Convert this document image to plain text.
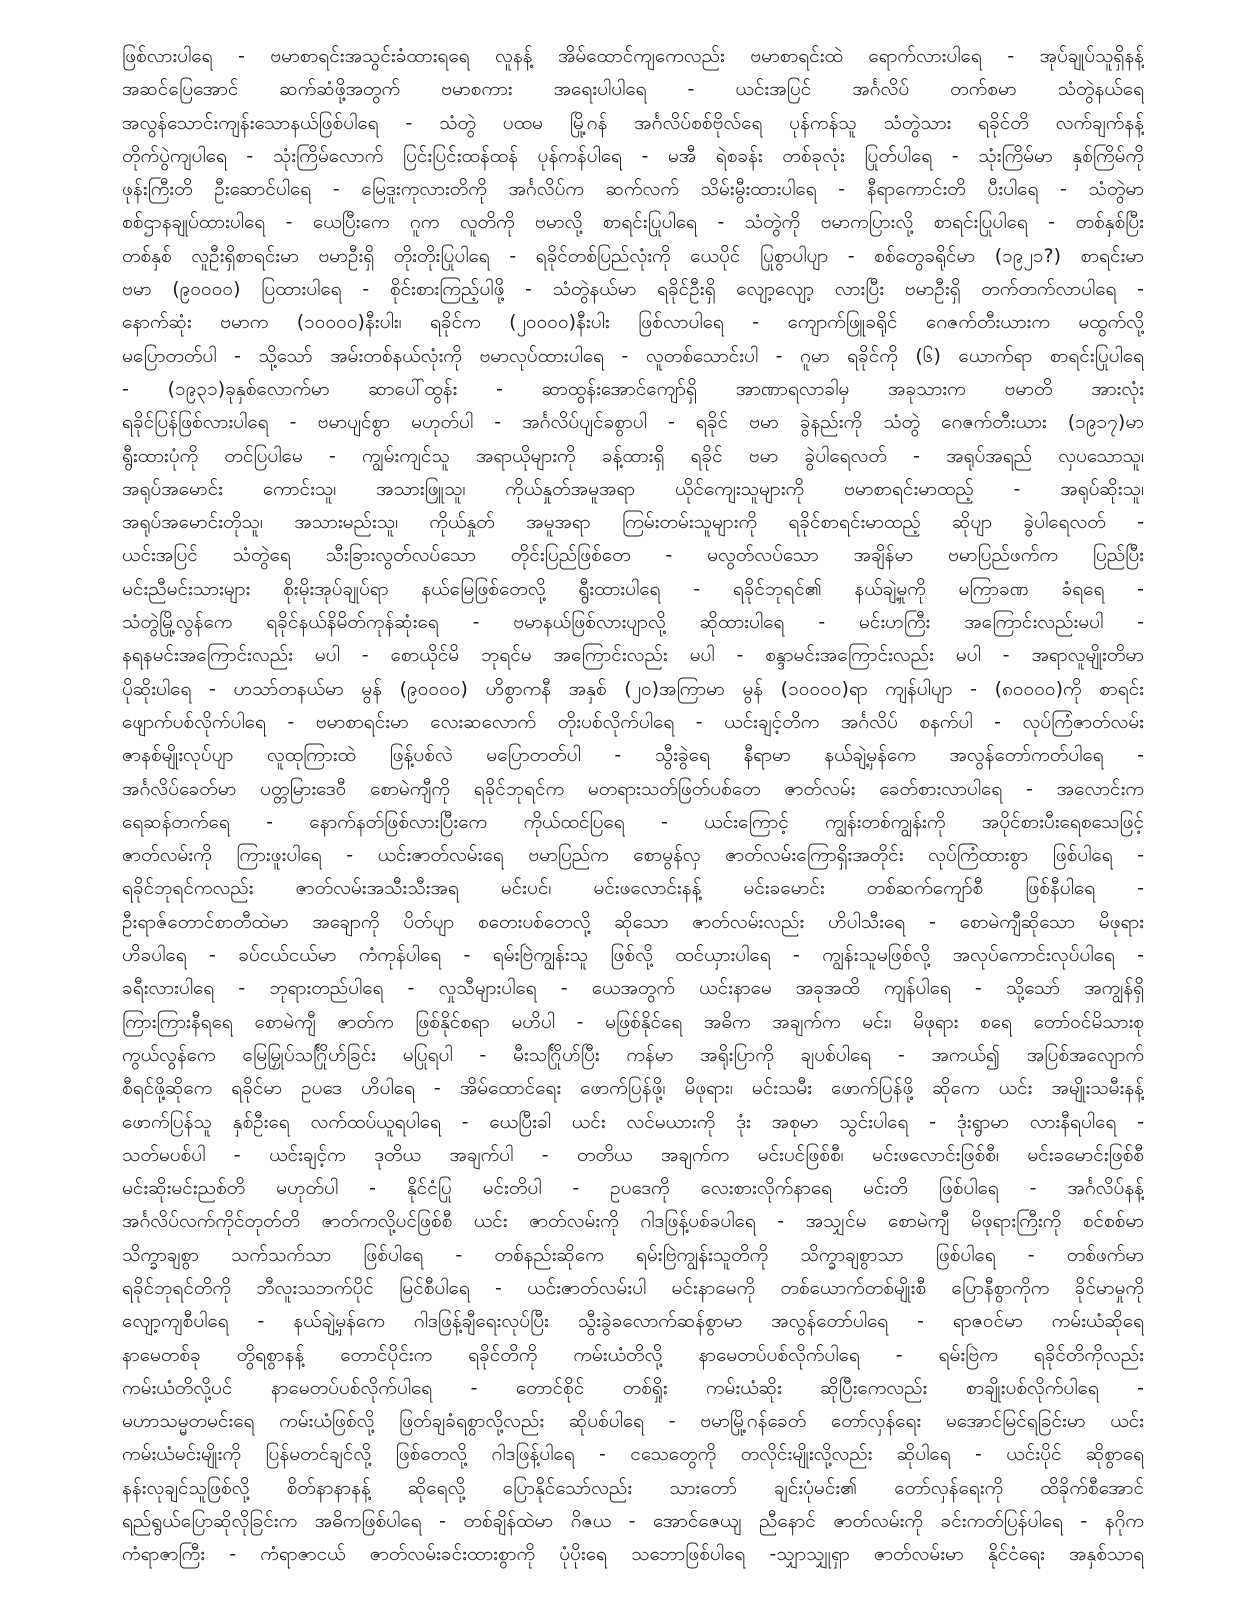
ဖြစ်လားပါရေ - ဗမာစာရင်းအသွင်းခံထားရရေ လူနန့် အိမ်ထောင်ကျကေလည်း ဗမာစာရင်းထဲ ရောက်လားပါရေ - အုပ်ချုပ်သူရှိနန့်
အဆင်ပြေအောင် ဆက်ဆံဖို့အတွက် ဗမာစကား အရေးပါပါရေ - ယင်းအပြင် အင်္ဂလိပ် တက်စမာ သံတွဲနယ်ရေ
အလွန်သောင်းကျန်းသောနယ်ဖြစ်ပါရေ - သံတွဲ ပထမ မြို့ဂန် အင်္ဂလိပ်စစ်ဗိုလ်ရေ ပုန်ကန်သူ သံတွဲသား ရခိုင်တိ လက်ချက်နန့်
တိုက်ပွဲကျပါရေ - သုံးကြိမ်လောက် ပြင်းပြင်းထန်ထန် ပုန်ကန်ပါရေ - မအီ ရဲစခန်း တစ်ခုလုံး ပြုတ်ပါရေ - သုံးကြိမ်မာ နှစ်ကြိမ်ကို
ဖုန်းကြီးတိ ဦးဆောင်ပါရေ - မြေဒူးကုလားတိကို အင်္ဂလိပ်က ဆက်လက် သိမ်းမွီးထားပါရေ - နီရာကောင်းတိ ပီးပါရေ - သံတွဲမာ
စစ်ဌာနချုပ်ထားပါရေ - ယေပြီးကေ ဂူက လူတိကို ဗမာလို့ စာရင်းပြုပါရေ - သံတွဲကို ဗမာကပြားလို့ စာရင်းပြုပါရေ - တစ်နှစ်ပြီး
တစ်နှစ် လူဦးရှိစာရင်းမာ ဗမာဦးရှိ တိုးတိုးပြုပါရေ - ရခိုင်တစ်ပြည်လုံးကို ယေပိုင် ပြုစွာပါပျာ - စစ်တွေခရိုင်မာ (၁၉၂၁?) စာရင်းမာ
ဗမာ (၉၀၀၀၀) ပြထားပါရေ - စိုင်းစားကြည့်ပါဖို့ - သံတွဲနယ်မာ ရခိုင်ဦးရှိ လျော့လျော့ လားပြီး ဗမာဦးရှိ တက်တက်လာပါရေ -
နောက်ဆုံး ဗမာက (၁၀၀၀၀)နီးပါး၊ ရခိုင်က (၂၀၀၀၀)နီးပါး ဖြစ်လာပါရေ - ကျောက်ဖြူခရိုင် ဂေဇက်တီးယားက မထွက်လို့
မပြောတတ်ပါ - သို့သော် အမ်းတစ်နယ်လုံးကို ဗမာလုပ်ထားပါရေ - လူတစ်သောင်းပါ - ဂူမာ ရခိုင်ကို (၆) ယောက်ရာ စာရင်းပြုပါရေ
- (၁၉၃၁)ခုနှစ်လောက်မာ ဆာပေါ်ထွန်း - ဆာထွန်းအောင်ကျော်ရှိ အာဏာရလာခါမှ အခုသားက ဗမာတိ အားလုံး
ရခိုင်ပြန်ဖြစ်လားပါရေ - ဗမာပျင်စွာ မဟုတ်ပါ - အင်္ဂလိပ်ပျင်ခစွာပါ - ရခိုင် ဗမာ ခွဲနည်းကို သံတွဲ ဂေဇက်တီးယား (၁၉၁၇)မာ
ရွီးထားပုံကို တင်ပြပါမေ - ကျွမ်းကျင်သူ အရာယိုများကို ခန့်ထားရှိ ရခိုင် ဗမာ ခွဲပါရေလတ် - အရုပ်အရည် လှပသောသူ၊
အရုပ်အမောင်း ကောင်းသူ၊ အသားဖြူသူ၊ ကိုယ်နှုတ်အမူအရာ ယိုင်ကျေးသူများကို ဗမာစာရင်းမာထည့် - အရုပ်ဆိုးသူ၊
အရုပ်အမောင်းတိုသူ၊ အသားမည်းသူ၊ ကိုယ်နှုတ် အမူအရာ ကြမ်းတမ်းသူများကို ရခိုင်စာရင်းမာထည့် ဆိုပျာ ခွဲပါရေလတ် -
ယင်းအပြင် သံတွဲရေ သီးခြားလွတ်လပ်သော တိုင်းပြည်ဖြစ်တေ - မလွတ်လပ်သော အချိန်မာ ဗမာပြည်ဖက်က ပြည်ပြီး
မင်းညီမင်းသားများ စိုးမိုးအုပ်ချုပ်ရာ နယ်မြေဖြစ်တေလို့ ရွီးထားပါရေ - ရခိုင်ဘုရင်၏ နယ်ချဲ့မှုကို မကြာခဏ ခံရရေ -
သံတွဲမြို့လွန်ကေ ရခိုင်နယ်နိမိတ်ကုန်ဆုံးရေ - ဗမာနယ်ဖြစ်လားပျာလို့ ဆိုထားပါရေ - မင်းဟကြီး အကြောင်းလည်းမပါ -
နရနမင်းအကြောင်းလည်း မပါ - စောယိုင်မိ ဘုရင်မ အကြောင်းလည်း မပါ - စန္ဒာမင်းအကြောင်းလည်း မပါ - အရာလူမျိုးတိမာ
ပိုဆိုးပါရေ - ဟသာ်တနယ်မာ မွန် (၉၀၀၀၀) ဟိစွာကနီ အနှစ် (၂၀)အကြာမာ မွန် (၁၀၀၀၀)ရာ ကျန်ပါပျာ - (၈၀၀၀၀)ကို စာရင်း
ဖျောက်ပစ်လိုက်ပါရေ - ဗမာစာရင်းမာ လေးဆလောက် တိုးပစ်လိုက်ပါရေ - ယင်းချင့်တိက အင်္ဂလိပ် စနက်ပါ - လုပ်ကြံဇာတ်လမ်း
ဇာနစ်မျိုးလုပ်ပျာ လူထုကြားထဲ ဖြန့်ပစ်လဲ မပြောတတ်ပါ - သွီးခွဲရေ နီရာမာ နယ်ချဲ့မှန်ကေ အလွန်တော်ကတ်ပါရေ -
အင်္ဂလိပ်ခေတ်မာ ပတ္တမြားဒေဝီ စောမဲကျီကို ရခိုင်ဘုရင်က မတရားသတ်ဖြတ်ပစ်တေ ဇာတ်လမ်း ခေတ်စားလာပါရေ - အလောင်းက
ရေဆန်တက်ရေ - နောက်နတ်ဖြစ်လားပြီးကေ ကိုယ်ထင်ပြရေ - ယင်းကြောင့် ကျွန်းတစ်ကျွန်းကို အပိုင်စားပီးရေစသေဖြင့်
ဇာတ်လမ်းကို ကြားဖူးပါရေ - ယင်းဇာတ်လမ်းရေ ဗမာပြည်က စောမွန်လှ ဇာတ်လမ်းကြောရှိးအတိုင်း လုပ်ကြံထားစွာ ဖြစ်ပါရေ -
ရခိုင်ဘုရင်ကလည်း ဇာတ်လမ်းအသီးသီးအရ မင်းပင်၊ မင်းဖလောင်းနန့် မင်းခမောင်း တစ်ဆက်ကျော်စီ ဖြစ်နီပါရေ -
ဦးရာဇ်တောင်စာတီထဲမာ အချောကို ပိတ်ပျာ စတေးပစ်တေလို့ ဆိုသော ဇာတ်လမ်းလည်း ဟိပါသီးရေ - စောမဲကျီဆိုသော မိဖုရား
ဟိခပါရေ - ခပ်ငယ်ငယ်မာ ကံကုန်ပါရေ - ရမ်းဗြဲကျွန်းသူ ဖြစ်လို့ ထင်ယှားပါရေ - ကျွန်းသူမဖြစ်လို့ အလုပ်ကောင်းလုပ်ပါရေ -
ခရီးလားပါရေ - ဘုရားတည်ပါရေ - လှုသီများပါရေ - ယေအတွက် ယင်းနာမေ အခုအထိ ကျန်ပါရေ - သို့သော် အကျွန်ရှိ
ကြားကြားနီရရေ စောမဲကျီ ဇာတ်က ဖြစ်နိုင်စရာ မဟိပါ - မဖြစ်နိုင်ရေ အဓိက အချက်က မင်း၊ မိဖုရား စရေ တော်ဝင်မိသားစု
ကွယ်လွန်ကေ မြေမြှုပ်သင်္ဂြိုဟ်ခြင်း မပြုရပါ - မီးသင်္ဂြိုဟ်ပြီး ကန်မာ အရိုးပြာကို ချပစ်ပါရေ - အကယ်၍ အပြစ်အလျောက်
စီရင်ဖို့ဆိုကေ ရခိုင်မာ ဥပဒေ ဟိပါရေ - အိမ်ထောင်ရေး ဖောက်ပြန်ဖို့၊ မိဖုရား၊ မင်းသမီး ဖောက်ပြန်ဖို့ ဆိုကေ ယင်း အမျိုးသမီးနန့်
ဖောက်ပြန်သူ နှစ်ဦးရေ လက်ထပ်ယူရပါရေ - ယေပြီးခါ ယင်း လင်မယားကို ဒုံး အစုမာ သွင်းပါရေ - ဒုံးရွာမာ လားနီရပါရေ -
သတ်မပစ်ပါ - ယင်းချင့်က ဒုတိယ အချက်ပါ - တတိယ အချက်က မင်းပင်ဖြစ်စီ၊ မင်းဖလောင်းဖြစ်စီ၊ မင်းခမောင်းဖြစ်စီ
မင်းဆိုးမင်းညစ်တိ မဟုတ်ပါ - နိုင်ငံပြု မင်းတိပါ - ဥပဒေကို လေးစားလိုက်နာရေ မင်းတိ ဖြစ်ပါရေ - အင်္ဂလိပ်နန့်
အင်္ဂလိပ်လက်ကိုင်တုတ်တိ ဇာတ်ကလို့ပင်ဖြစ်စီ ယင်း ဇာတ်လမ်းကို ဂါဒဖြန့်ပစ်ခပါရေ - အသျှင်မ စောမဲကျီ မိဖုရားကြီးကို စင်စစ်မာ
သိက္ခာချစွာ သက်သက်သာ ဖြစ်ပါရေ - တစ်နည်းဆိုကေ ရမ်းဗြဲကျွန်းသူတိကို သိက္ခာချစွာသာ ဖြစ်ပါရေ - တစ်ဖက်မာ
ရခိုင်ဘုရင်တိကို ဘီလူးသဘက်ပိုင် မြင်စီပါရေ - ယင်းဇာတ်လမ်းပါ မင်းနာမေကို တစ်ယောက်တစ်မျိုးစီ ပြောနီစွာကိုက ခိုင်မာမှုကို
လျော့ကျစီပါရေ - နယ်ချဲ့မှန်ကေ ဂါဒဖြန့်ချီရေးလုပ်ပြီး သွီးခွဲခလောက်ဆန်စွာမာ အလွန်တော်ပါရေ - ရာဇဝင်မာ ကမ်းယံဆိုရေ
နာမေတစ်ခု တွိရစွာနန့် တောင်ပိုင်းက ရခိုင်တိကို ကမ်းယံတိလို့ နာမေတပ်ပစ်လိုက်ပါရေ - ရမ်းဗြဲက ရခိုင်တိကိုလည်း
ကမ်းယံတိလို့ပင် နာမေတပ်ပစ်လိုက်ပါရေ - တောင်စိုင် တစ်ရှိုး ကမ်းယံဆိုး ဆိုပြီးကေလည်း စာချိုးပစ်လိုက်ပါရေ -
မဟာသမ္မတမင်းရေ ကမ်းယံဖြစ်လို့ ဖြတ်ချခံရစွာလို့လည်း ဆိုပစ်ပါရေ - ဗမာမြို့ဂန်ခေတ် တော်လှန်ရေး မအောင်မြင်ရခြင်းမာ ယင်း
ကမ်းယံမင်းမျိုးကို ပြန်မတင်ချင်လို့ ဖြစ်တေလို့ ဂါဒဖြန့်ပါရေ - ငသေတွေကို တလိုင်းမျိုးလို့လည်း ဆိုပါရေ - ယင်းပိုင် ဆိုစွာရေ
နန်းလုချင်သူဖြစ်လို့ စိတ်နာနာနန့် ဆိုရေလို့ ပြောနိုင်သော်လည်း သားတော် ချင်းပုံမင်း၏ တော်လှန်ရေးကို ထိခိုက်စီအောင်
ရည်ရွယ်ပြောဆိုလိုခြင်းက အဓိကဖြစ်ပါရေ - တစ်ချိန်ထဲမာ ဂိဇယ - အောင်ဇေယျ ညီနောင် ဇာတ်လမ်းကို ခင်းကတ်ပြန်ပါရေ - နဂိုက
ကံရာဇာကြီး - ကံရာဇာငယ် ဇာတ်လမ်းခင်းထားစွာကို ပုံပိုးရေ သဘောဖြစ်ပါရေ -သျှာသျှုရှာ ဇာတ်လမ်းမာ နိုင်ငံရေး အနှစ်သာရ
